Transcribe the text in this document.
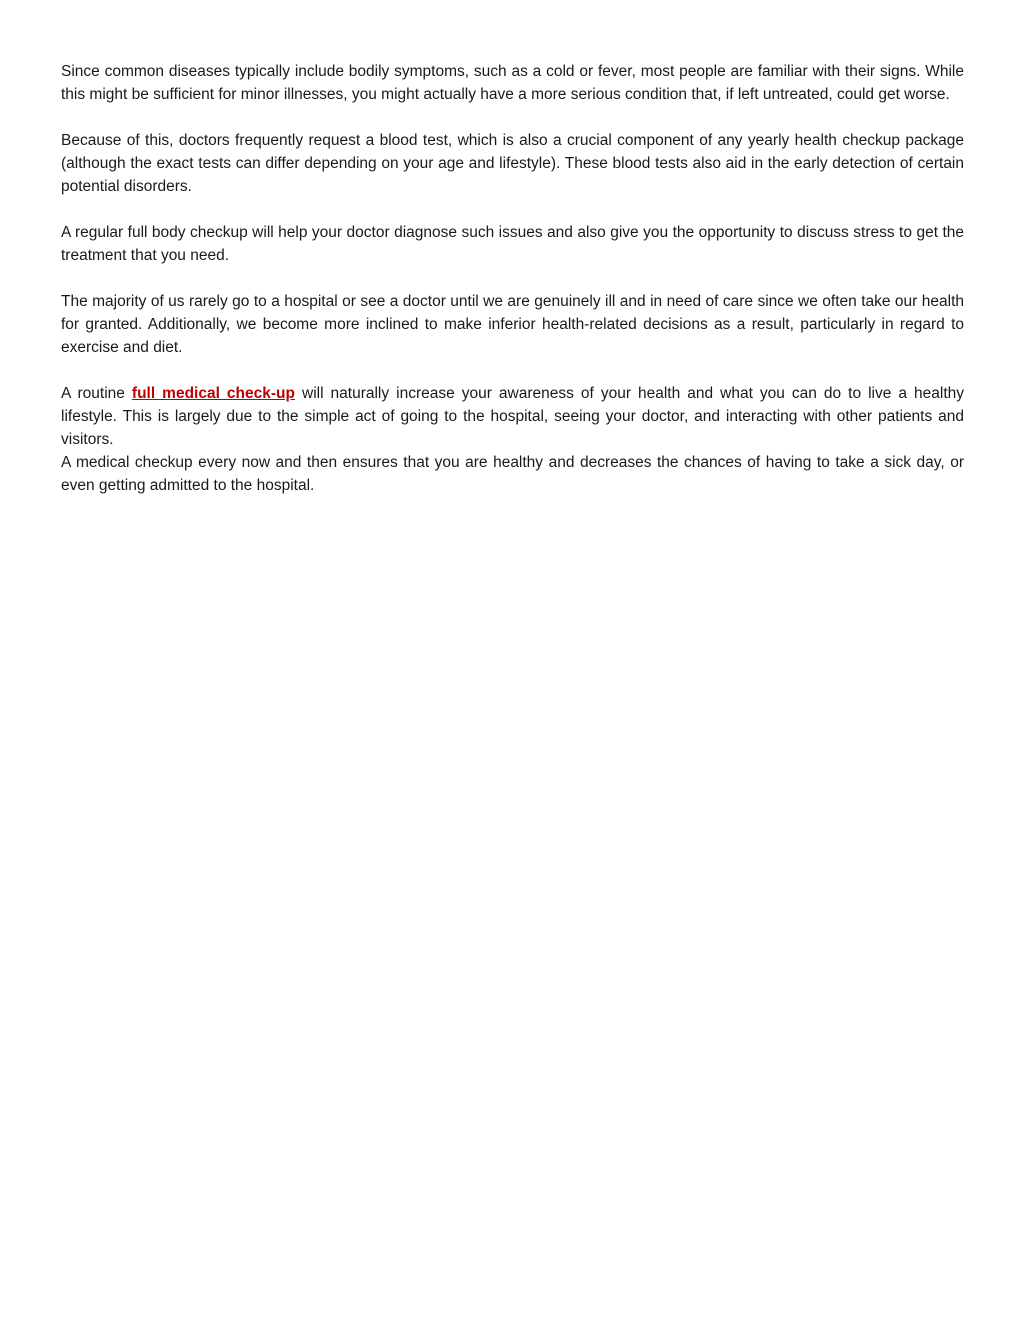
Since common diseases typically include bodily symptoms, such as a cold or fever, most people are familiar with their signs. While this might be sufficient for minor illnesses, you might actually have a more serious condition that, if left untreated, could get worse.

Because of this, doctors frequently request a blood test, which is also a crucial component of any yearly health checkup package (although the exact tests can differ depending on your age and lifestyle). These blood tests also aid in the early detection of certain potential disorders.

A regular full body checkup will help your doctor diagnose such issues and also give you the opportunity to discuss stress to get the treatment that you need.

The majority of us rarely go to a hospital or see a doctor until we are genuinely ill and in need of care since we often take our health for granted. Additionally, we become more inclined to make inferior health-related decisions as a result, particularly in regard to exercise and diet.

A routine full medical check-up will naturally increase your awareness of your health and what you can do to live a healthy lifestyle. This is largely due to the simple act of going to the hospital, seeing your doctor, and interacting with other patients and visitors.

A medical checkup every now and then ensures that you are healthy and decreases the chances of having to take a sick day, or even getting admitted to the hospital.
